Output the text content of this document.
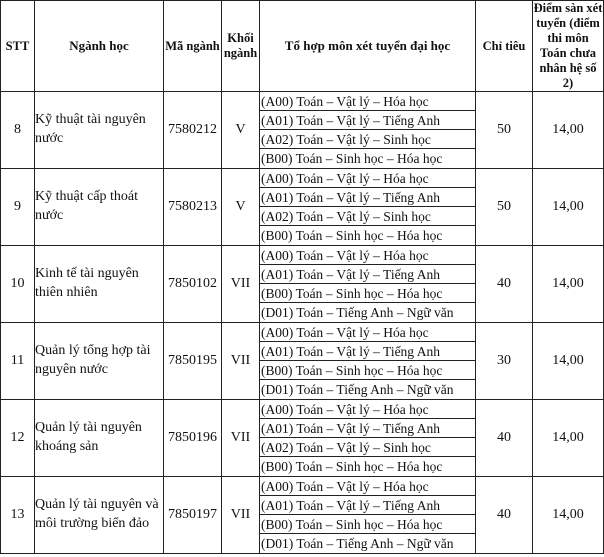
STT	Ngành học	Mã ngành	Khối ngành	Tổ hợp môn xét tuyển đại học	Chỉ tiêu	Điểm sàn xét tuyển (điểm thi môn Toán chưa nhân hệ số 2)
8	Kỹ thuật tài nguyên nước	7580212	V	(A00) Toán – Vật lý – Hóa học
(A01) Toán – Vật lý – Tiếng Anh
(A02) Toán – Vật lý – Sinh học
(B00) Toán – Sinh học – Hóa học	50	14,00
9	Kỹ thuật cấp thoát nước	7580213	V	(A00) Toán – Vật lý – Hóa học
(A01) Toán – Vật lý – Tiếng Anh
(A02) Toán – Vật lý – Sinh học
(B00) Toán – Sinh học – Hóa học	50	14,00
10	Kinh tế tài nguyên thiên nhiên	7850102	VII	(A00) Toán – Vật lý – Hóa học
(A01) Toán – Vật lý – Tiếng Anh
(B00) Toán – Sinh học – Hóa học
(D01) Toán – Tiếng Anh – Ngữ văn	40	14,00
11	Quản lý tổng hợp tài nguyên nước	7850195	VII	(A00) Toán – Vật lý – Hóa học
(A01) Toán – Vật lý – Tiếng Anh
(B00) Toán – Sinh học – Hóa học
(D01) Toán – Tiếng Anh – Ngữ văn	30	14,00
12	Quản lý tài nguyên khoáng sản	7850196	VII	(A00) Toán – Vật lý – Hóa học
(A01) Toán – Vật lý – Tiếng Anh
(A02) Toán – Vật lý – Sinh học
(B00) Toán – Sinh học – Hóa học	40	14,00
13	Quản lý tài nguyên và môi trường biển đảo	7850197	VII	(A00) Toán – Vật lý – Hóa học
(A01) Toán – Vật lý – Tiếng Anh
(B00) Toán – Sinh học – Hóa học
(D01) Toán – Tiếng Anh – Ngữ văn	40	14,00
